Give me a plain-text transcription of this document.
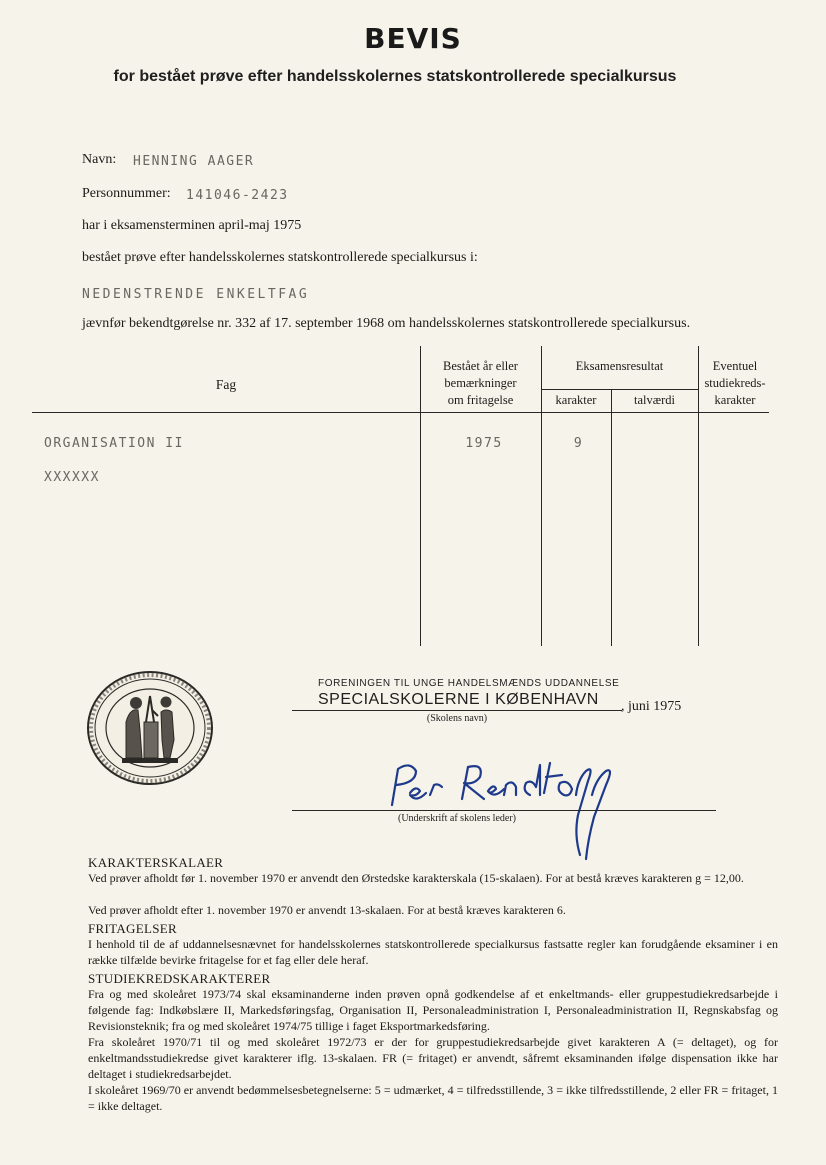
BEVIS
for bestået prøve efter handelsskolernes statskontrollerede specialkursus
Navn: HENNING AAGER
Personnummer: 141046-2423
har i eksamensterminen april-maj 1975
bestået prøve efter handelsskolernes statskontrollerede specialkursus i:
NEDENSTRENDE ENKELTFAG
jævnfør bekendtgørelse nr. 332 af 17. september 1968 om handelsskolernes statskontrollerede specialkursus.
Fag
Bestået år eller
bemærkninger
om fritagelse
Eksamensresultat
karakter	talværdi
Eventuel
studiekreds-
karakter
ORGANISATION II	1975	9
XXXXXX
FORENINGEN TIL UNGE HANDELSMÆNDS UDDANNELSE
SPECIALSKOLERNE I KØBENHAVN , juni 1975
(Skolens navn)
(Underskrift af skolens leder)
KARAKTERSKALAER
Ved prøver afholdt før 1. november 1970 er anvendt den Ørstedske karakterskala (15-skalaen). For at bestå kræves karakteren g = 12,00.
Ved prøver afholdt efter 1. november 1970 er anvendt 13-skalaen. For at bestå kræves karakteren 6.
FRITAGELSER
I henhold til de af uddannelsesnævnet for handelsskolernes statskontrollerede specialkursus fastsatte regler kan forudgående eksaminer i en række tilfælde bevirke fritagelse for et fag eller dele heraf.
STUDIEKREDSKARAKTERER
Fra og med skoleåret 1973/74 skal eksaminanderne inden prøven opnå godkendelse af et enkeltmands- eller gruppestudiekredsarbejde i følgende fag: Indkøbslære II, Markedsføringsfag, Organisation II, Personaleadministration I, Personaleadministration II, Regnskabsfag og Revisionsteknik; fra og med skoleåret 1974/75 tillige i faget Eksportmarkedsføring.
Fra skoleåret 1970/71 til og med skoleåret 1972/73 er der for gruppestudiekredsarbejde givet karakteren A (= deltaget), og for enkeltmandsstudiekredse givet karakterer iflg. 13-skalaen. FR (= fritaget) er anvendt, såfremt eksaminanden ifølge dispensation ikke har deltaget i studiekredsarbejdet.
I skoleåret 1969/70 er anvendt bedømmelsesbetegnelserne: 5 = udmærket, 4 = tilfredsstillende, 3 = ikke tilfredsstillende, 2 eller FR = fritaget, 1 = ikke deltaget.
